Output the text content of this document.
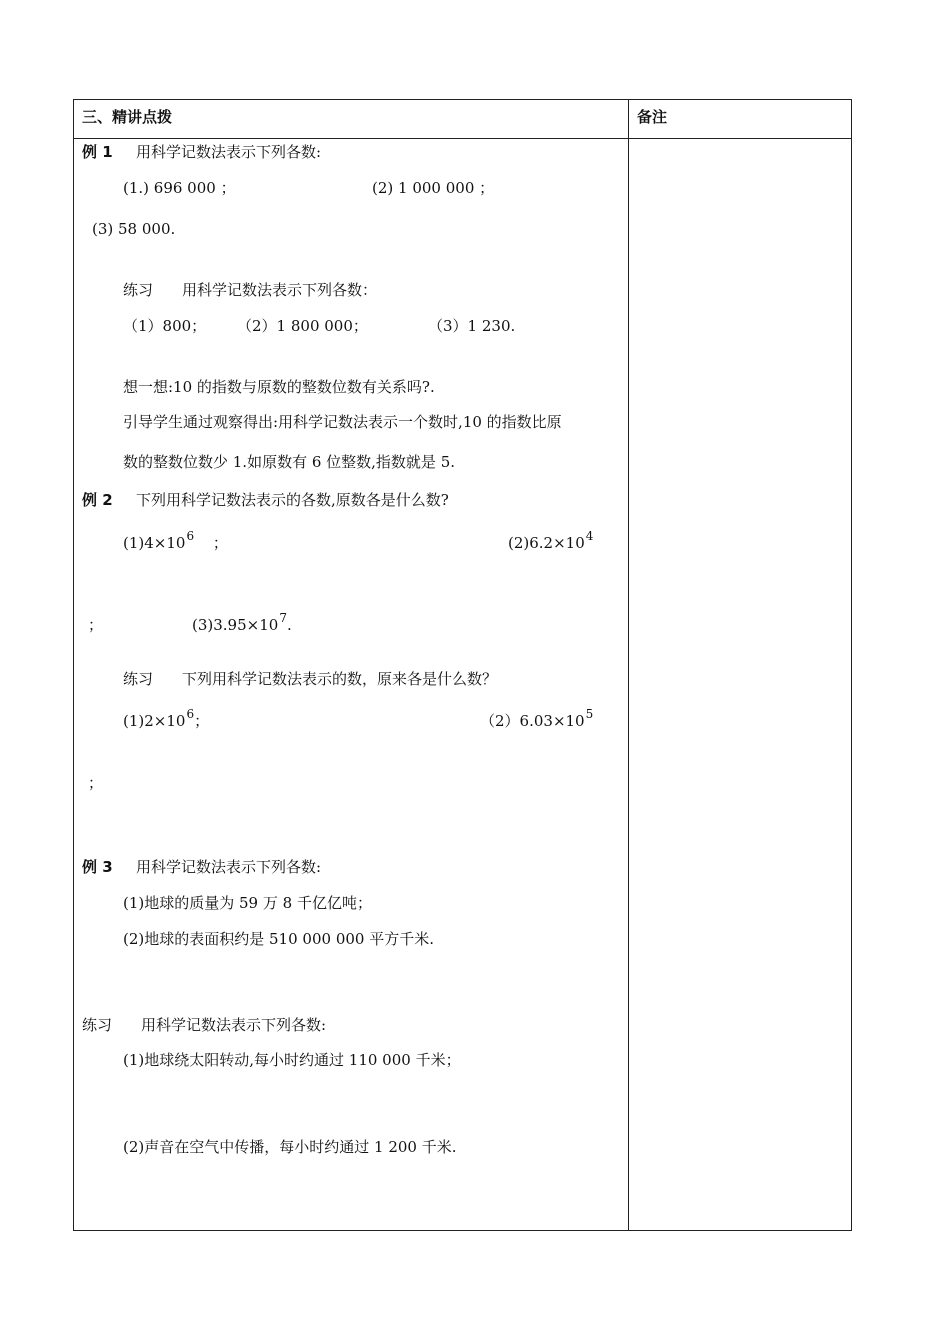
三、精讲点拨	备注
例 1 用科学记数法表示下列各数:
(1.) 696 000 ；	(2) 1 000 000 ；
(3) 58 000.
练习 用科学记数法表示下列各数：
（1）800； （2）1 800 000；	（3）1 230.
想一想:10 的指数与原数的整数位数有关系吗?.
引导学生通过观察得出:用科学记数法表示一个数时,10 的指数比原
数的整数位数少 1.如原数有 6 位整数,指数就是 5.
例 2 下列用科学记数法表示的各数,原数各是什么数?
$(1)4\times 10^6$ ；	$(2)6.2\times 10^4$
；	$(3)3.95\times 10^7$.
练习 下列用科学记数法表示的数，原来各是什么数？
$(1)2\times 10^6$；	$(2)6.03\times 10^5$
；
例 3 用科学记数法表示下列各数:
(1)地球的质量为 59 万 8 千亿亿吨；
(2)地球的表面积约是 510 000 000 平方千米.
练习 用科学记数法表示下列各数:
(1)地球绕太阳转动,每小时约通过 110 000 千米；
(2)声音在空气中传播，每小时约通过 1 200 千米.
